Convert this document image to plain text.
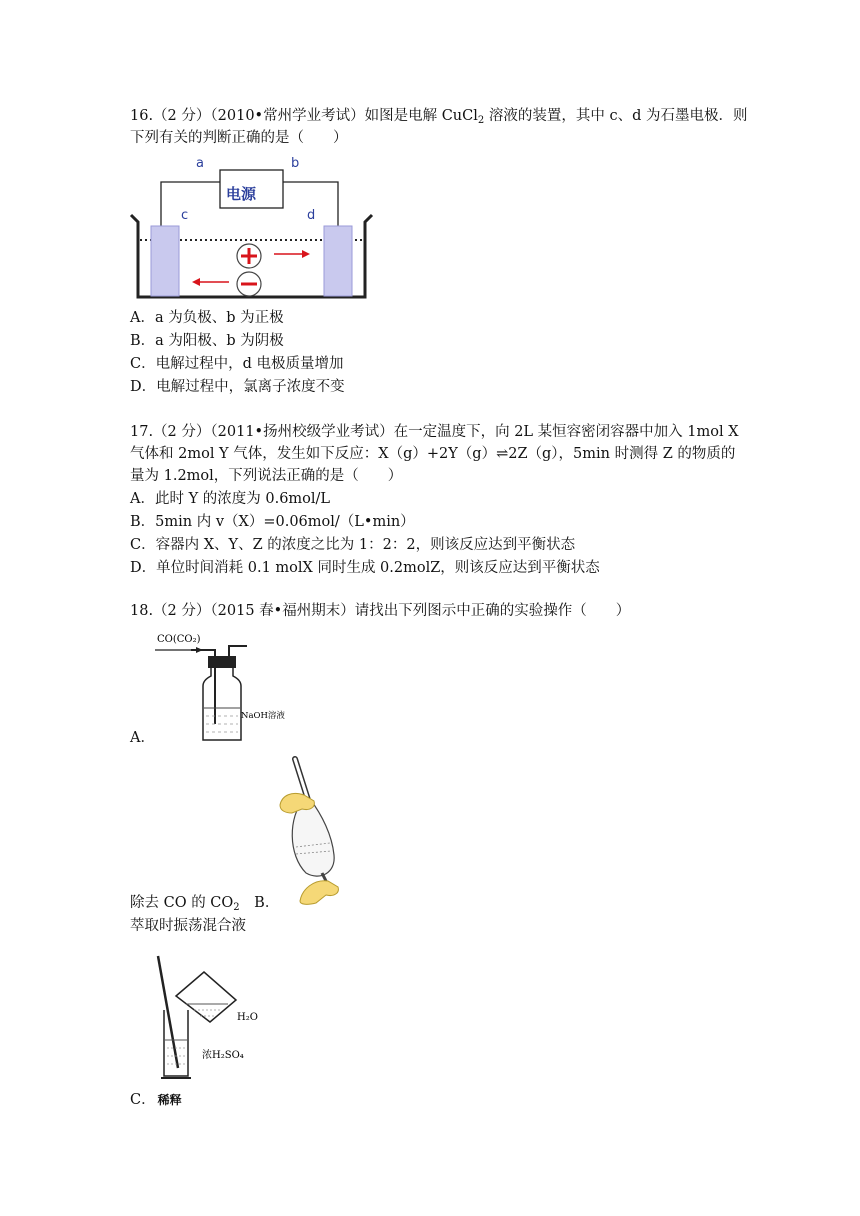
16.（2 分）（2010•常州学业考试）如图是电解 CuCl$_2$ 溶液的装置，其中 c、d 为石墨电极．则
下列有关的判断正确的是（　　）
电源
a	b
c	d
A．a 为负极、b 为正极
B．a 为阳极、b 为阴极
C．电解过程中，d 电极质量增加
D．电解过程中，氯离子浓度不变
17.（2 分）（2011•扬州校级学业考试）在一定温度下，向 2L 某恒容密闭容器中加入 1mol X
气体和 2mol Y 气体，发生如下反应：X（g）+2Y（g）⇌2Z（g），5min 时测得 Z 的物质的
量为 1.2mol，下列说法正确的是（　　）
A．此时 Y 的浓度为 0.6mol/L
B．5min 内 v（X）=0.06mol/（L•min）
C．容器内 X、Y、Z 的浓度之比为 1：2：2，则该反应达到平衡状态
D．单位时间消耗 0.1 molX 同时生成 0.2molZ，则该反应达到平衡状态
18.（2 分）（2015 春•福州期末）请找出下列图示中正确的实验操作（　　）
CO(CO₂)
NaOH溶液
A．
除去 CO 的 $CO_2$　 B．
萃取时振荡混合液
H₂O
浓H₂SO₄
C． 稀释
